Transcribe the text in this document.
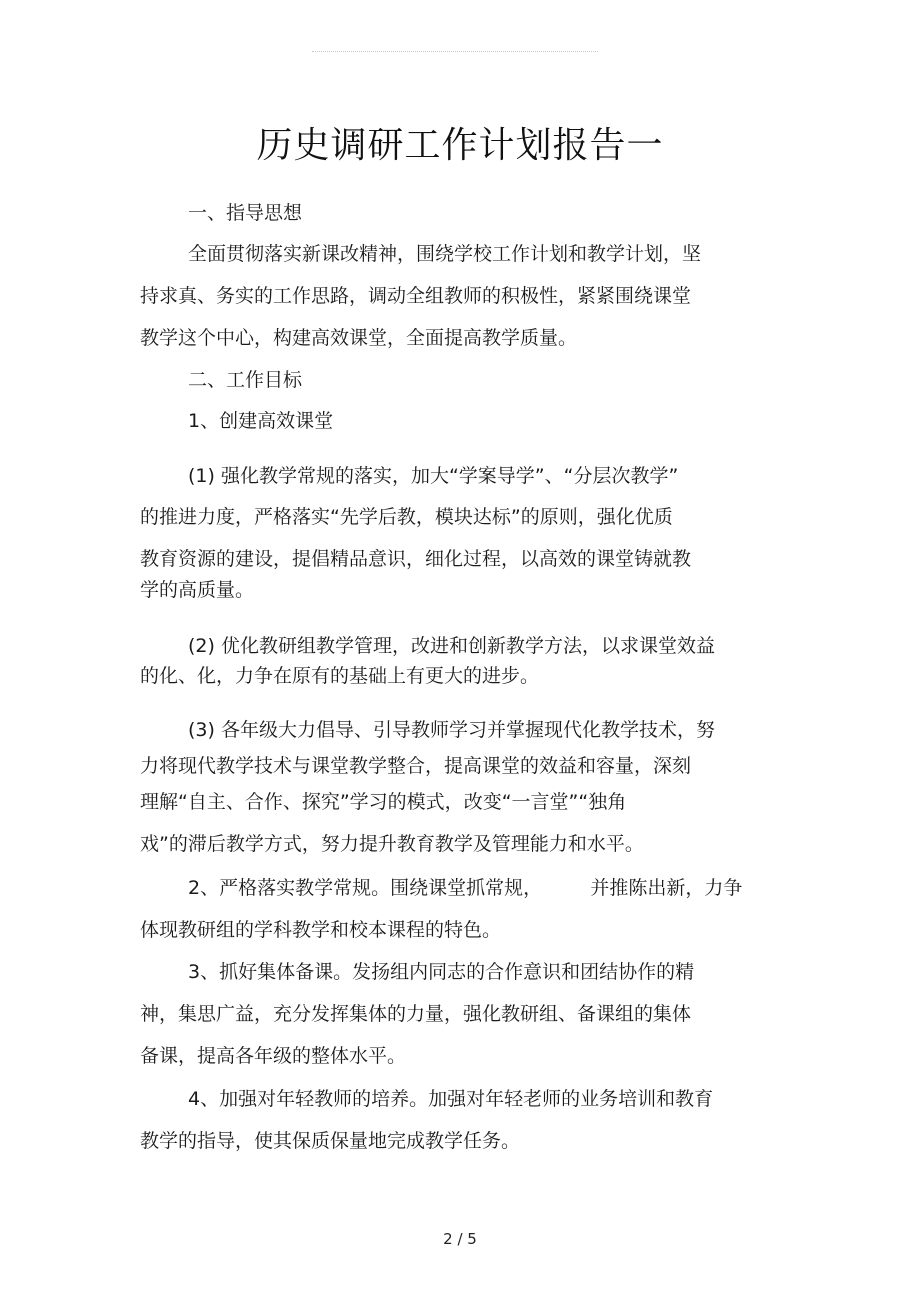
历史调研工作计划报告一
一、指导思想
全面贯彻落实新课改精神，围绕学校工作计划和教学计划，坚
持求真、务实的工作思路，调动全组教师的积极性，紧紧围绕课堂
教学这个中心，构建高效课堂，全面提高教学质量。
二、工作目标
1、创建高效课堂
(1) 强化教学常规的落实，加大“学案导学”、“分层次教学”
的推进力度，严格落实“先学后教，模块达标”的原则，强化优质
教育资源的建设，提倡精品意识，细化过程，以高效的课堂铸就教
学的高质量。
(2) 优化教研组教学管理，改进和创新教学方法，以求课堂效益
的化、化，力争在原有的基础上有更大的进步。
(3) 各年级大力倡导、引导教师学习并掌握现代化教学技术，努
力将现代教学技术与课堂教学整合，提高课堂的效益和容量，深刻
理解“自主、合作、探究”学习的模式，改变“一言堂”“独角
戏”的滞后教学方式，努力提升教育教学及管理能力和水平。
2、严格落实教学常规。围绕课堂抓常规，        并推陈出新，力争
体现教研组的学科教学和校本课程的特色。
3、抓好集体备课。发扬组内同志的合作意识和团结协作的精
神，集思广益，充分发挥集体的力量，强化教研组、备课组的集体
备课，提高各年级的整体水平。
4、加强对年轻教师的培养。加强对年轻老师的业务培训和教育
教学的指导，使其保质保量地完成教学任务。
2 / 5
